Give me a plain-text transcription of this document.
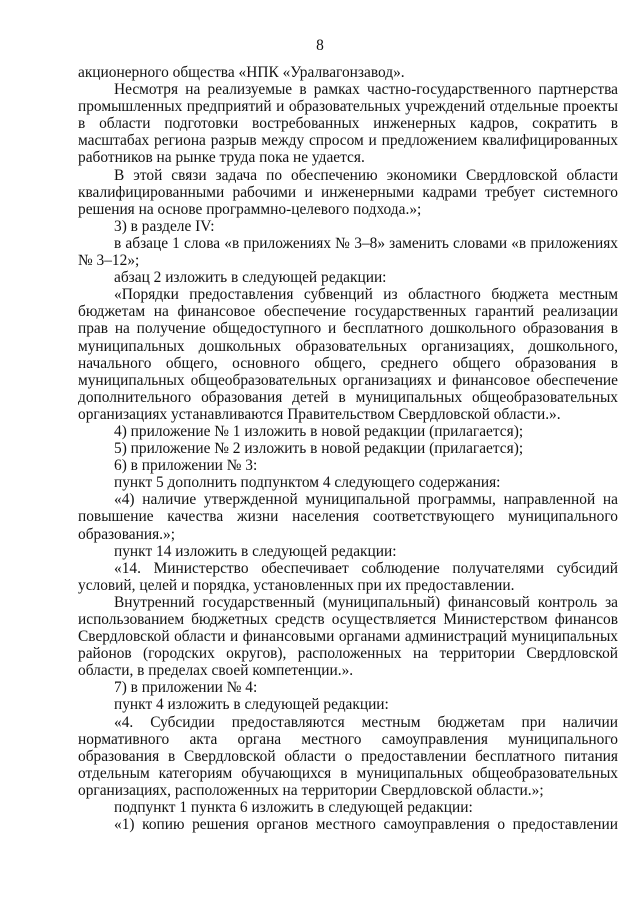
8

акционерного общества «НПК «Уралвагонзавод».

Несмотря на реализуемые в рамках частно-государственного партнерства промышленных предприятий и образовательных учреждений отдельные проекты в области подготовки востребованных инженерных кадров, сократить в масштабах региона разрыв между спросом и предложением квалифицированных работников на рынке труда пока не удается.

В этой связи задача по обеспечению экономики Свердловской области квалифицированными рабочими и инженерными кадрами требует системного решения на основе программно-целевого подхода.»;

3) в разделе IV:

в абзаце 1 слова «в приложениях № 3–8» заменить словами «в приложениях № 3–12»;

абзац 2 изложить в следующей редакции:

«Порядки предоставления субвенций из областного бюджета местным бюджетам на финансовое обеспечение государственных гарантий реализации прав на получение общедоступного и бесплатного дошкольного образования в муниципальных дошкольных образовательных организациях, дошкольного, начального общего, основного общего, среднего общего образования в муниципальных общеобразовательных организациях и финансовое обеспечение дополнительного образования детей в муниципальных общеобразовательных организациях устанавливаются Правительством Свердловской области.».

4) приложение № 1 изложить в новой редакции (прилагается);

5) приложение № 2 изложить в новой редакции (прилагается);

6) в приложении № 3:

пункт 5 дополнить подпунктом 4 следующего содержания:

«4) наличие утвержденной муниципальной программы, направленной на повышение качества жизни населения соответствующего муниципального образования.»;

пункт 14 изложить в следующей редакции:

«14. Министерство обеспечивает соблюдение получателями субсидий условий, целей и порядка, установленных при их предоставлении.

Внутренний государственный (муниципальный) финансовый контроль за использованием бюджетных средств осуществляется Министерством финансов Свердловской области и финансовыми органами администраций муниципальных районов (городских округов), расположенных на территории Свердловской области, в пределах своей компетенции.».

7) в приложении № 4:

пункт 4 изложить в следующей редакции:

«4. Субсидии предоставляются местным бюджетам при наличии нормативного акта органа местного самоуправления муниципального образования в Свердловской области о предоставлении бесплатного питания отдельным категориям обучающихся в муниципальных общеобразовательных организациях, расположенных на территории Свердловской области.»;

подпункт 1 пункта 6 изложить в следующей редакции:

«1) копию решения органов местного самоуправления о предоставлении
